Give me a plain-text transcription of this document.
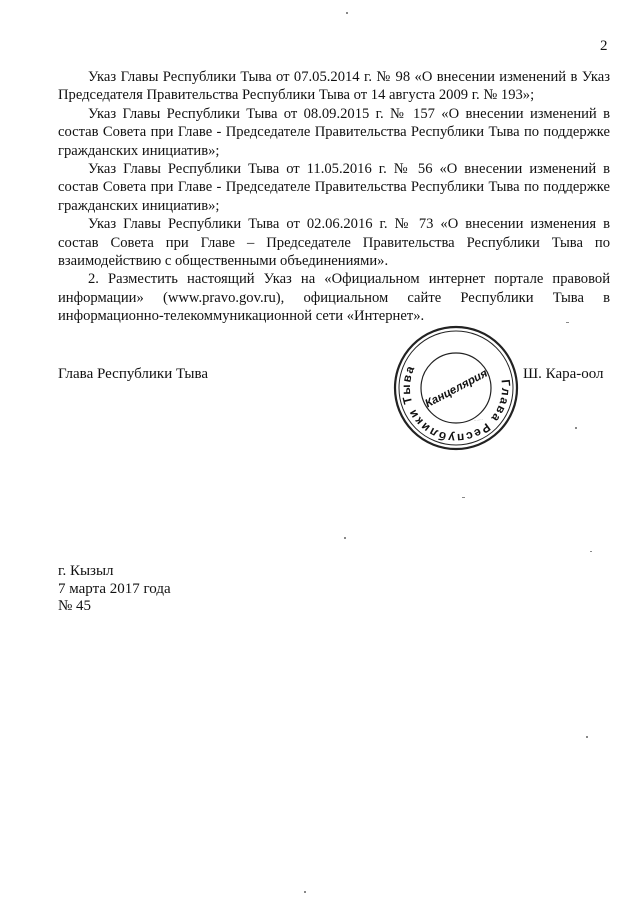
2

Указ Главы Республики Тыва от 07.05.2014 г. № 98 «О внесении изменений в Указ Председателя Правительства Республики Тыва от 14 августа 2009 г. № 193»;

Указ Главы Республики Тыва от 08.09.2015 г. № 157 «О внесении изменений в состав Совета при Главе - Председателе Правительства Республики Тыва по поддержке гражданских инициатив»;

Указ Главы Республики Тыва от 11.05.2016 г. № 56 «О внесении изменений в состав Совета при Главе - Председателе Правительства Республики Тыва по поддержке гражданских инициатив»;

Указ Главы Республики Тыва от 02.06.2016 г. № 73 «О внесении изменения в состав Совета при Главе – Председателе Правительства Республики Тыва по взаимодействию с общественными объединениями».

2. Разместить настоящий Указ на «Официальном интернет портале правовой информации» (www.pravo.gov.ru), официальном сайте Республики Тыва в информационно-телекоммуникационной сети «Интернет».

Глава Республики Тыва
Глава Республики Тыва Канцелярия
·······
Ш. Кара-оол
г. Кызыл
7 марта 2017 года
№ 45
